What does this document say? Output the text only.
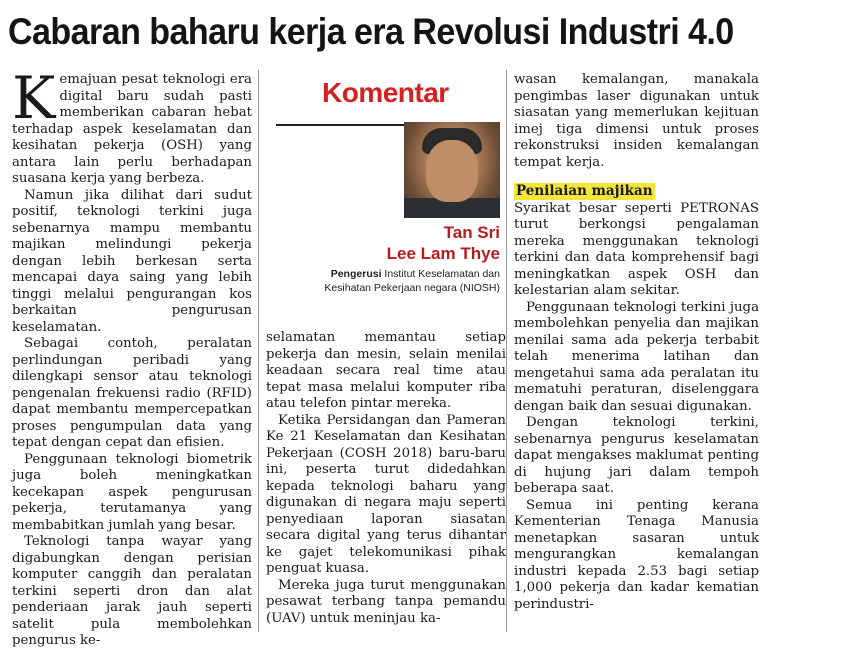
Cabaran baharu kerja era Revolusi Industri 4.0

Kemajuan pesat teknologi era digital baru sudah pasti memberikan cabaran hebat terhadap aspek keselamatan dan kesihatan pekerja (OSH) yang antara lain perlu berhadapan suasana kerja yang berbeza.

Namun jika dilihat dari sudut positif, teknologi terkini juga sebenarnya mampu membantu majikan melindungi pekerja dengan lebih berkesan serta mencapai daya saing yang lebih tinggi melalui pengurangan kos berkaitan pengurusan keselamatan.

Sebagai contoh, peralatan perlindungan peribadi yang dilengkapi sensor atau teknologi pengenalan frekuensi radio (RFID) dapat membantu mempercepatkan proses pengumpulan data yang tepat dengan cepat dan efisien.

Penggunaan teknologi biometrik juga boleh meningkatkan kecekapan aspek pengurusan pekerja, terutamanya yang membabitkan jumlah yang besar.

Teknologi tanpa wayar yang digabungkan dengan perisian komputer canggih dan peralatan terkini seperti dron dan alat penderiaan jarak jauh seperti satelit pula membolehkan pengurus ke-

Komentar
Tan Sri
Lee Lam Thye
Pengerusi Institut Keselamatan dan Kesihatan Pekerjaan negara (NIOSH)

selamatan memantau setiap pekerja dan mesin, selain menilai keadaan secara real time atau tepat masa melalui komputer riba atau telefon pintar mereka.

Ketika Persidangan dan Pameran Ke 21 Keselamatan dan Kesihatan Pekerjaan (COSH 2018) baru-baru ini, peserta turut didedahkan kepada teknologi baharu yang digunakan di negara maju seperti penyediaan laporan siasatan secara digital yang terus dihantar ke gajet telekomunikasi pihak penguat kuasa.

Mereka juga turut menggunakan pesawat terbang tanpa pemandu (UAV) untuk meninjau ka-

wasan kemalangan, manakala pengimbas laser digunakan untuk siasatan yang memerlukan kejituan imej tiga dimensi untuk proses rekonstruksi insiden kemalangan tempat kerja.

Penilaian majikan

Syarikat besar seperti PETRONAS turut berkongsi pengalaman mereka menggunakan teknologi terkini dan data komprehensif bagi meningkatkan aspek OSH dan kelestarian alam sekitar.

Penggunaan teknologi terkini juga membolehkan penyelia dan majikan menilai sama ada pekerja terbabit telah menerima latihan dan mengetahui sama ada peralatan itu mematuhi peraturan, diselenggara dengan baik dan sesuai digunakan.

Dengan teknologi terkini, sebenarnya pengurus keselamatan dapat mengakses maklumat penting di hujung jari dalam tempoh beberapa saat.

Semua ini penting kerana Kementerian Tenaga Manusia menetapkan sasaran untuk mengurangkan kemalangan industri kepada 2.53 bagi setiap 1,000 pekerja dan kadar kematian perindustri-
